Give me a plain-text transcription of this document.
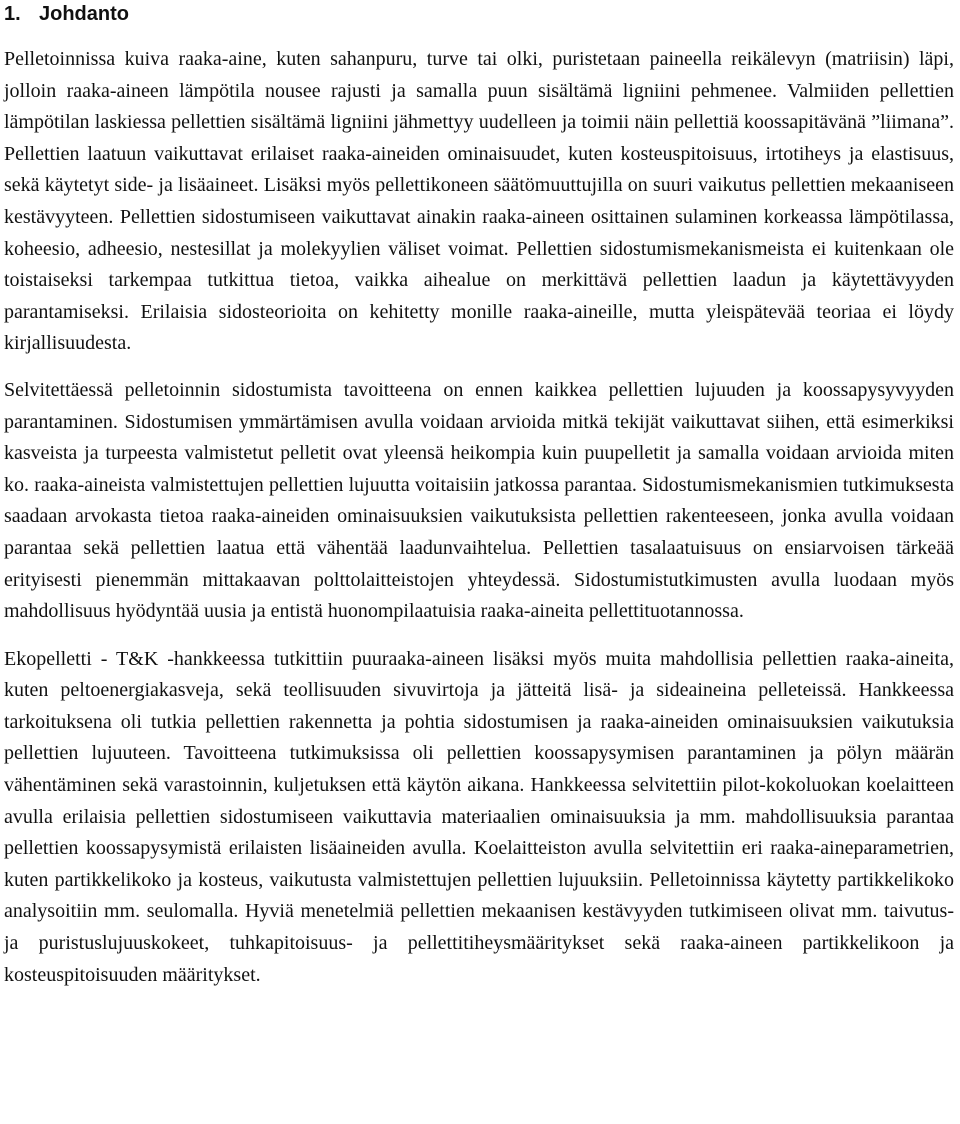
1. Johdanto

Pelletoinnissa kuiva raaka-aine, kuten sahanpuru, turve tai olki, puristetaan paineella reikälevyn (matriisin) läpi, jolloin raaka-aineen lämpötila nousee rajusti ja samalla puun sisältämä ligniini pehmenee. Valmiiden pellettien lämpötilan laskiessa pellettien sisältämä ligniini jähmettyy uudelleen ja toimii näin pellettiä koossapitävänä ”liimana”. Pellettien laatuun vaikuttavat erilaiset raaka-aineiden ominaisuudet, kuten kosteuspitoisuus, irtotiheys ja elastisuus, sekä käytetyt side- ja lisäaineet. Lisäksi myös pellettikoneen säätömuuttujilla on suuri vaikutus pellettien mekaaniseen kestävyyteen. Pellettien sidostumiseen vaikuttavat ainakin raaka-aineen osittainen sulaminen korkeassa lämpötilassa, koheesio, adheesio, nestesillat ja molekyylien väliset voimat. Pellettien sidostumismekanismeista ei kuitenkaan ole toistaiseksi tarkempaa tutkittua tietoa, vaikka aihealue on merkittävä pellettien laadun ja käytettävyyden parantamiseksi. Erilaisia sidosteorioita on kehitetty monille raaka-aineille, mutta yleispätevää teoriaa ei löydy kirjallisuudesta.

Selvitettäessä pelletoinnin sidostumista tavoitteena on ennen kaikkea pellettien lujuuden ja koossapysyvyyden parantaminen. Sidostumisen ymmärtämisen avulla voidaan arvioida mitkä tekijät vaikuttavat siihen, että esimerkiksi kasveista ja turpeesta valmistetut pelletit ovat yleensä heikompia kuin puupelletit ja samalla voidaan arvioida miten ko. raaka-aineista valmistettujen pellettien lujuutta voitaisiin jatkossa parantaa. Sidostumismekanismien tutkimuksesta saadaan arvokasta tietoa raaka-aineiden ominaisuuksien vaikutuksista pellettien rakenteeseen, jonka avulla voidaan parantaa sekä pellettien laatua että vähentää laadunvaihtelua. Pellettien tasalaatuisuus on ensiarvoisen tärkeää erityisesti pienemmän mittakaavan polttolaitteistojen yhteydessä. Sidostumistutkimusten avulla luodaan myös mahdollisuus hyödyntää uusia ja entistä huonompilaatuisia raaka-aineita pellettituotannossa.

Ekopelletti - T&K -hankkeessa tutkittiin puuraaka-aineen lisäksi myös muita mahdollisia pellettien raaka-aineita, kuten peltoenergiakasveja, sekä teollisuuden sivuvirtoja ja jätteitä lisä- ja sideaineina pelleteissä. Hankkeessa tarkoituksena oli tutkia pellettien rakennetta ja pohtia sidostumisen ja raaka-aineiden ominaisuuksien vaikutuksia pellettien lujuuteen. Tavoitteena tutkimuksissa oli pellettien koossapysymisen parantaminen ja pölyn määrän vähentäminen sekä varastoinnin, kuljetuksen että käytön aikana. Hankkeessa selvitettiin pilot-kokoluokan koelaitteen avulla erilaisia pellettien sidostumiseen vaikuttavia materiaalien ominaisuuksia ja mm. mahdollisuuksia parantaa pellettien koossapysymistä erilaisten lisäaineiden avulla. Koelaitteiston avulla selvitettiin eri raaka-aineparametrien, kuten partikkelikoko ja kosteus, vaikutusta valmistettujen pellettien lujuuksiin. Pelletoinnissa käytetty partikkelikoko analysoitiin mm. seulomalla. Hyviä menetelmiä pellettien mekaanisen kestävyyden tutkimiseen olivat mm. taivutus- ja puristuslujuuskokeet, tuhkapitoisuus- ja pellettitiheysmääritykset sekä raaka-aineen partikkelikoon ja kosteuspitoisuuden määritykset.
